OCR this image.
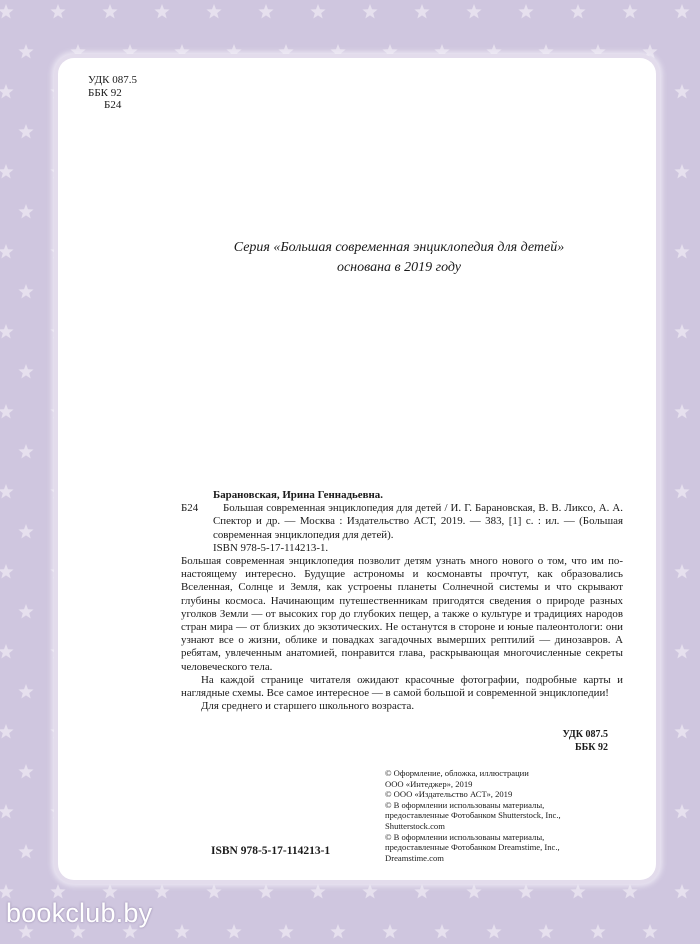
УДК 087.5
ББК 92
Б24
Серия «Большая современная энциклопедия для детей»
основана в 2019 году
Барановская, Ирина Геннадьевна.
Б24	Большая современная энциклопедия для детей / И. Г. Барановская, В. В. Ликсо, А. А. Спектор и др. — Москва : Издательство АСТ, 2019. — 383, [1] с. : ил. — (Большая современная энциклопедия для детей).
ISBN 978-5-17-114213-1.

Большая современная энциклопедия позволит детям узнать много нового о том, что им по-настоящему интересно. Будущие астрономы и космонавты прочтут, как образовались Вселенная, Солнце и Земля, как устроены планеты Солнечной системы и что скрывают глубины космоса. Начинающим путешественникам пригодятся сведения о природе разных уголков Земли — от высоких гор до глубоких пещер, а также о культуре и традициях народов стран мира — от близких до экзотических. Не останутся в стороне и юные палеонтологи: они узнают все о жизни, облике и повадках загадочных вымерших рептилий — динозавров. А ребятам, увлеченным анатомией, понравится глава, раскрывающая многочисленные секреты человеческого тела.

На каждой странице читателя ожидают красочные фотографии, подробные карты и наглядные схемы. Все самое интересное — в самой большой и современной энциклопедии!

Для среднего и старшего школьного возраста.

УДК 087.5
ББК 92
© Оформление, обложка, иллюстрации
ООО «Интеджер», 2019
© ООО «Издательство АСТ», 2019
© В оформлении использованы материалы, предоставленные Фотобанком Shutterstock, Inc., Shutterstock.com
© В оформлении использованы материалы, предоставленные Фотобанком Dreamstime, Inc., Dreamstime.com
ISBN 978-5-17-114213-1
bookclub.by
